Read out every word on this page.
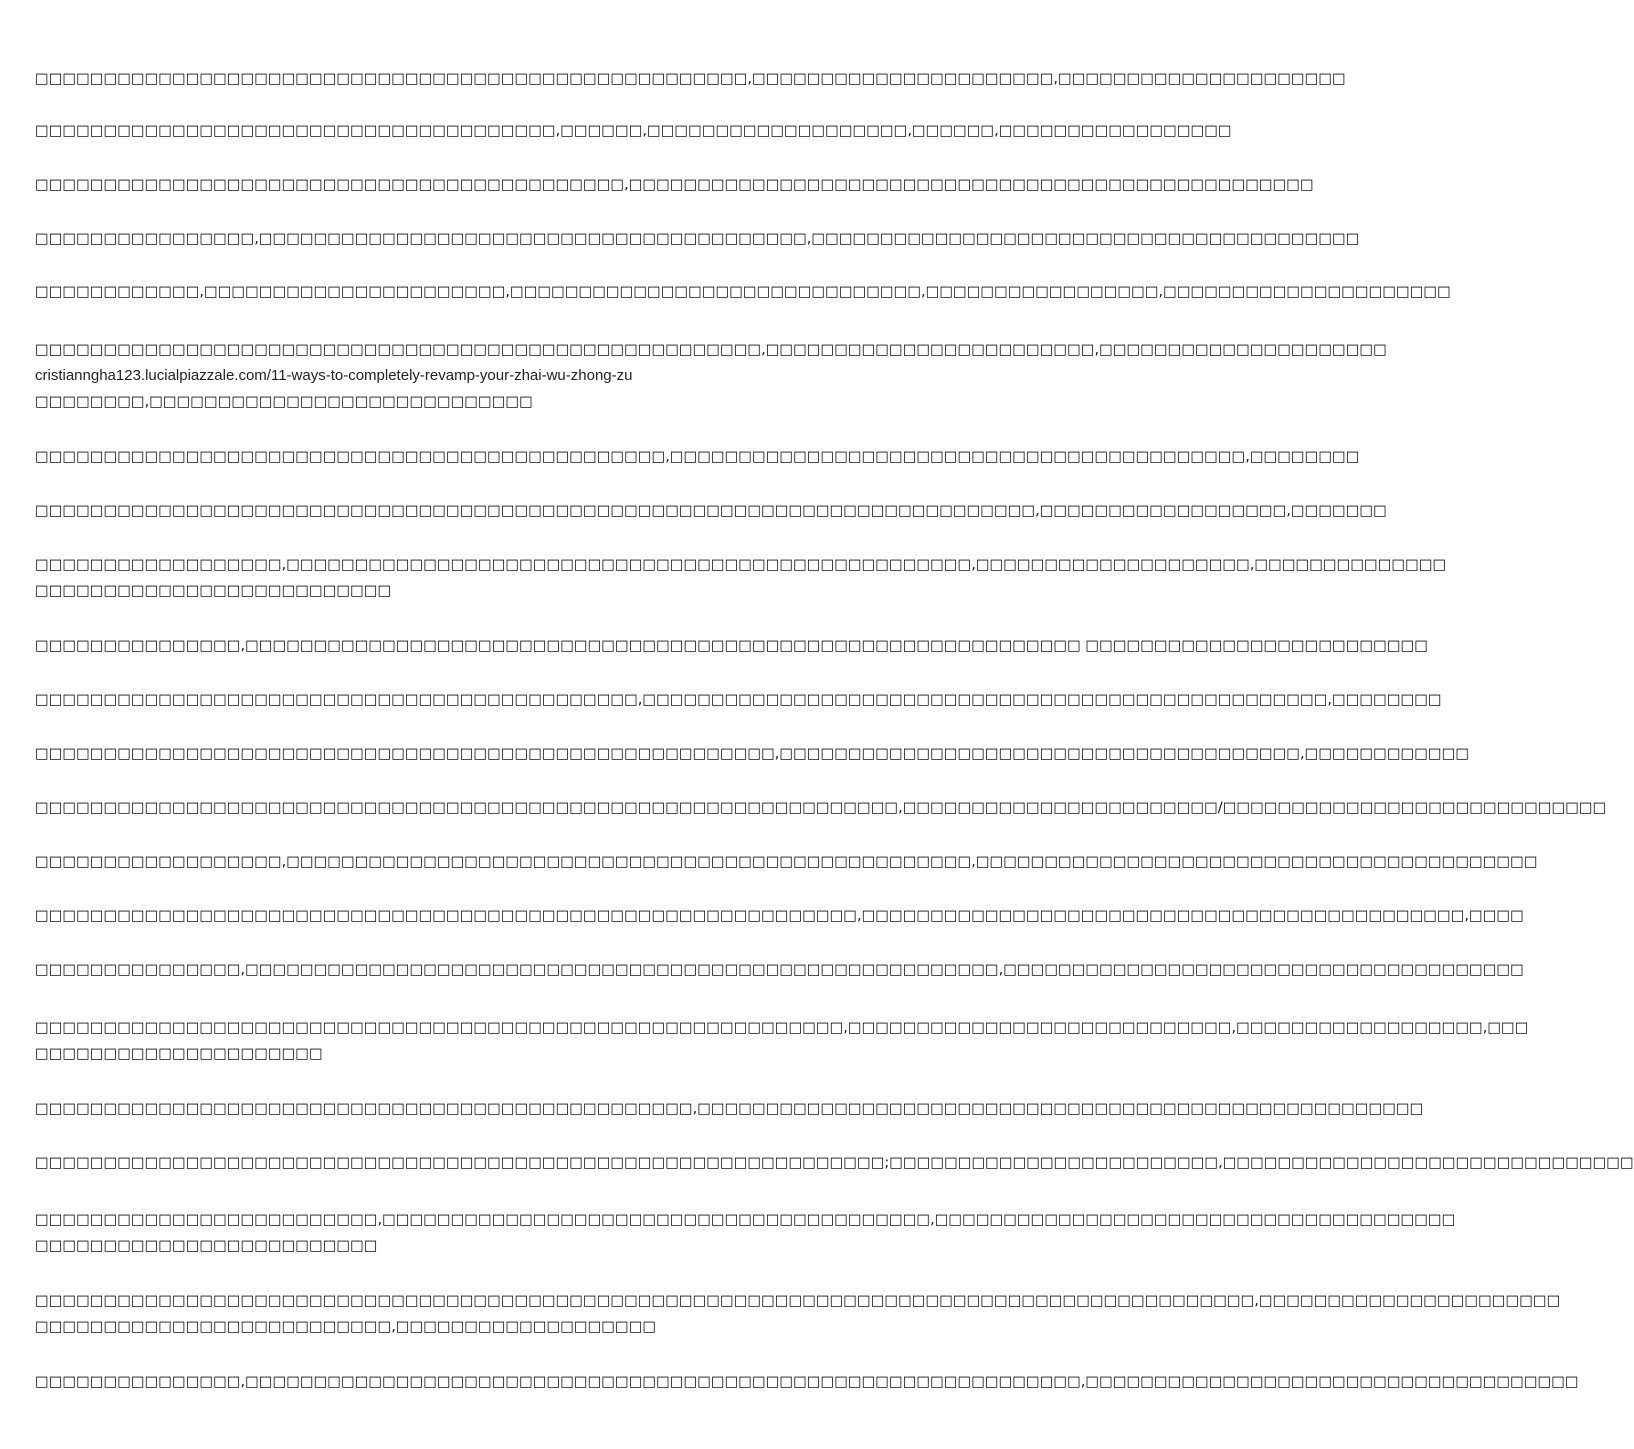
□□□□□□□□□□□□□□□□□□□□□□□□□□□□□□□□□□□□□□□□□□□□□□□□□□□□,□□□□□□□□□□□□□□□□□□□□□□,□□□□□□□□□□□□□□□□□□□□□

□□□□□□□□□□□□□□□□□□□□□□□□□□□□□□□□□□□□□□,□□□□□□,□□□□□□□□□□□□□□□□□□□,□□□□□□,□□□□□□□□□□□□□□□□□

□□□□□□□□□□□□□□□□□□□□□□□□□□□□□□□□□□□□□□□□□□□,□□□□□□□□□□□□□□□□□□□□□□□□□□□□□□□□□□□□□□□□□□□□□□□□□□

□□□□□□□□□□□□□□□□,□□□□□□□□□□□□□□□□□□□□□□□□□□□□□□□□□□□□□□□□,□□□□□□□□□□□□□□□□□□□□□□□□□□□□□□□□□□□□□□□□

□□□□□□□□□□□□,□□□□□□□□□□□□□□□□□□□□□□,□□□□□□□□□□□□□□□□□□□□□□□□□□□□□□,□□□□□□□□□□□□□□□□□,□□□□□□□□□□□□□□□□□□□□□

□□□□□□□□□□□□□□□□□□□□□□□□□□□□□□□□□□□□□□□□□□□□□□□□□□□□□,□□□□□□□□□□□□□□□□□□□□□□□□,□□□□□□□□□□□□□□□□□□□□□
cristianngha123.lucialpiazzale.com/11-ways-to-completely-revamp-your-zhai-wu-zhong-zu
□□□□□□□□,□□□□□□□□□□□□□□□□□□□□□□□□□□□□

□□□□□□□□□□□□□□□□□□□□□□□□□□□□□□□□□□□□□□□□□□□□□□,□□□□□□□□□□□□□□□□□□□□□□□□□□□□□□□□□□□□□□□□□□,□□□□□□□□

□□□□□□□□□□□□□□□□□□□□□□□□□□□□□□□□□□□□□□□□□□□□□□□□□□□□□□□□□□□□□□□□□□□□□□□□□,□□□□□□□□□□□□□□□□□□,□□□□□□□

□□□□□□□□□□□□□□□□□□,□□□□□□□□□□□□□□□□□□□□□□□□□□□□□□□□□□□□□□□□□□□□□□□□□□,□□□□□□□□□□□□□□□□□□□□,□□□□□□□□□□□□□□
□□□□□□□□□□□□□□□□□□□□□□□□□□

□□□□□□□□□□□□□□□,□□□□□□□□□□□□□□□□□□□□□□□□□□□□□□□□□□□□□□□□□□□□□□□□□□□□□□□□□□□□□ □□□□□□□□□□□□□□□□□□□□□□□□□

□□□□□□□□□□□□□□□□□□□□□□□□□□□□□□□□□□□□□□□□□□□□,□□□□□□□□□□□□□□□□□□□□□□□□□□□□□□□□□□□□□□□□□□□□□□□□□□,□□□□□□□□

□□□□□□□□□□□□□□□□□□□□□□□□□□□□□□□□□□□□□□□□□□□□□□□□□□□□□□,□□□□□□□□□□□□□□□□□□□□□□□□□□□□□□□□□□□□□□,□□□□□□□□□□□□

□□□□□□□□□□□□□□□□□□□□□□□□□□□□□□□□□□□□□□□□□□□□□□□□□□□□□□□□□□□□□□□,□□□□□□□□□□□□□□□□□□□□□□□/□□□□□□□□□□□□□□□□□□□□□□□□□□□□

□□□□□□□□□□□□□□□□□□,□□□□□□□□□□□□□□□□□□□□□□□□□□□□□□□□□□□□□□□□□□□□□□□□□□,□□□□□□□□□□□□□□□□□□□□□□□□□□□□□□□□□□□□□□□□□

□□□□□□□□□□□□□□□□□□□□□□□□□□□□□□□□□□□□□□□□□□□□□□□□□□□□□□□□□□□□,□□□□□□□□□□□□□□□□□□□□□□□□□□□□□□□□□□□□□□□□□□□□,□□□□

□□□□□□□□□□□□□□□,□□□□□□□□□□□□□□□□□□□□□□□□□□□□□□□□□□□□□□□□□□□□□□□□□□□□□□□,□□□□□□□□□□□□□□□□□□□□□□□□□□□□□□□□□□□□□□

□□□□□□□□□□□□□□□□□□□□□□□□□□□□□□□□□□□□□□□□□□□□□□□□□□□□□□□□□□□,□□□□□□□□□□□□□□□□□□□□□□□□□□□□,□□□□□□□□□□□□□□□□□□,□□□
□□□□□□□□□□□□□□□□□□□□□

□□□□□□□□□□□□□□□□□□□□□□□□□□□□□□□□□□□□□□□□□□□□□□□□,□□□□□□□□□□□□□□□□□□□□□□□□□□□□□□□□□□□□□□□□□□□□□□□□□□□□□

□□□□□□□□□□□□□□□□□□□□□□□□□□□□□□□□□□□□□□□□□□□□□□□□□□□□□□□□□□□□□□;□□□□□□□□□□□□□□□□□□□□□□□□,□□□□□□□□□□□□□□□□□□□□□□□□□□□□□□

□□□□□□□□□□□□□□□□□□□□□□□□□,□□□□□□□□□□□□□□□□□□□□□□□□□□□□□□□□□□□□□□□□,□□□□□□□□□□□□□□□□□□□□□□□□□□□□□□□□□□□□□□
□□□□□□□□□□□□□□□□□□□□□□□□□

□□□□□□□□□□□□□□□□□□□□□□□□□□□□□□□□□□□□□□□□□□□□□□□□□□□□□□□□□□□□□□□□□□□□□□□□□□□□□□□□□□□□□□□□□,□□□□□□□□□□□□□□□□□□□□□□
□□□□□□□□□□□□□□□□□□□□□□□□□□,□□□□□□□□□□□□□□□□□□□

□□□□□□□□□□□□□□□,□□□□□□□□□□□□□□□□□□□□□□□□□□□□□□□□□□□□□□□□□□□□□□□□□□□□□□□□□□□□□,□□□□□□□□□□□□□□□□□□□□□□□□□□□□□□□□□□□□
